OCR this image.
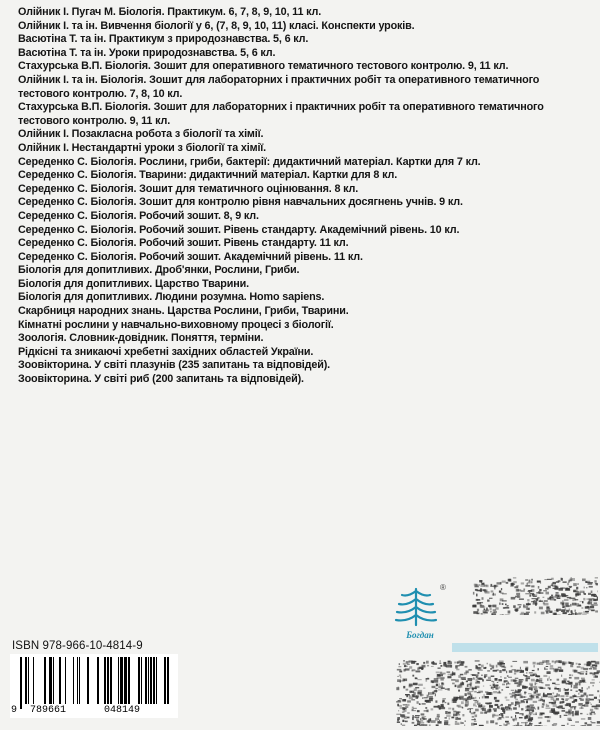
Олійник І. Пугач М. Біологія. Практикум. 6, 7, 8, 9, 10, 11 кл.
Олійник І. та ін. Вивчення біології у 6, (7, 8, 9, 10, 11) класі. Конспекти уроків.
Васютіна Т. та ін. Практикум з природознавства. 5, 6 кл.
Васютіна Т. та ін. Уроки природознавства. 5, 6 кл.
Стахурська В.П. Біологія. Зошит для оперативного тематичного тестового контролю. 9, 11 кл.
Олійник І. та ін. Біологія. Зошит для лабораторних і практичних робіт та оперативного тематичного тестового контролю. 7, 8, 10 кл.
Стахурська В.П. Біологія. Зошит для лабораторних і практичних робіт та оперативного тематичного тестового контролю. 9, 11 кл.
Олійник І. Позакласна робота з біології та хімії.
Олійник І. Нестандартні уроки з біології та хімії.
Середенко С. Біологія. Рослини, гриби, бактерії: дидактичний матеріал. Картки для 7 кл.
Середенко С. Біологія. Тварини: дидактичний матеріал. Картки для 8 кл.
Середенко С. Біологія. Зошит для тематичного оцінювання. 8 кл.
Середенко С. Біологія. Зошит для контролю рівня навчальних досягнень учнів. 9 кл.
Середенко С. Біологія. Робочий зошит. 8, 9 кл.
Середенко С. Біологія. Робочий зошит. Рівень стандарту. Академічний рівень. 10 кл.
Середенко С. Біологія. Робочий зошит. Рівень стандарту. 11 кл.
Середенко С. Біологія. Робочий зошит. Академічний рівень. 11 кл.
Біологія для допитливих. Дроб'янки, Рослини, Гриби.
Біологія для допитливих. Царство Тварини.
Біологія для допитливих. Людини розумна. Homo sapiens.
Скарбниця народних знань. Царства Рослини, Гриби, Тварини.
Кімнатні рослини у навчально-виховному процесі з біології.
Зоологія. Словник-довідник. Поняття, терміни.
Рідкісні та зникаючі хребетні західних областей України.
Зоовікторина. У світі плазунів (235 запитань та відповідей).
Зоовікторина. У світі риб (200 запитань та відповідей).
ISBN 978-966-10-4814-9
9 789661	048149
®
Богдан
